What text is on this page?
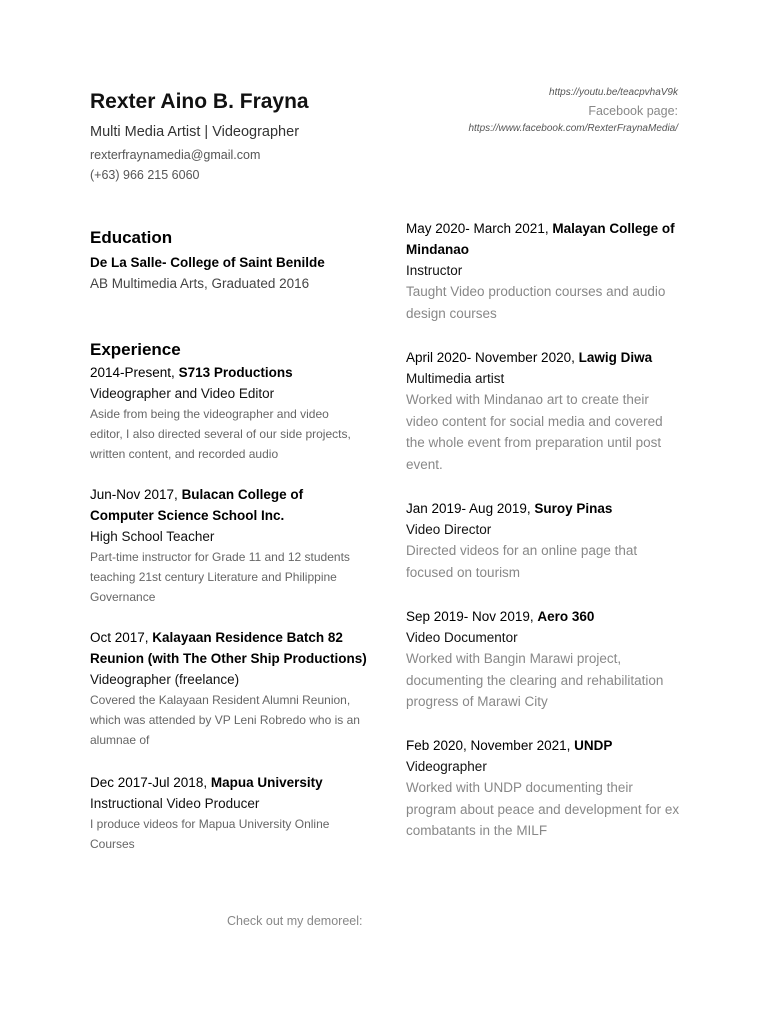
Rexter Aino B. Frayna
Multi Media Artist | Videographer
rexterfraynamedia@gmail.com
(+63) 966 215 6060
https://youtu.be/teacpvhaV9k
Facebook page:
https://www.facebook.com/RexterFraynaMedia/
Education
De La Salle- College of Saint Benilde
AB Multimedia Arts, Graduated 2016
Experience
2014-Present, S713 Productions
Videographer and Video Editor
Aside from being the videographer and video editor, I also directed several of our side projects, written content, and recorded audio
Jun-Nov 2017, Bulacan College of Computer Science School Inc.
High School Teacher
Part-time instructor for Grade 11 and 12 students teaching 21st century Literature and Philippine Governance
Oct 2017, Kalayaan Residence Batch 82 Reunion (with The Other Ship Productions)
Videographer (freelance)
Covered the Kalayaan Resident Alumni Reunion, which was attended by VP Leni Robredo who is an alumnae of
Dec 2017-Jul 2018, Mapua University
Instructional Video Producer
I produce videos for Mapua University Online Courses
May 2020- March 2021, Malayan College of Mindanao
Instructor
Taught Video production courses and audio design courses
April 2020- November 2020, Lawig Diwa
Multimedia artist
Worked with Mindanao art to create their video content for social media and covered the whole event from preparation until post event.
Jan 2019- Aug 2019, Suroy Pinas
Video Director
Directed videos for an online page that focused on tourism
Sep 2019- Nov 2019, Aero 360
Video Documentor
Worked with Bangin Marawi project, documenting the clearing and rehabilitation progress of Marawi City
Feb 2020, November 2021, UNDP
Videographer
Worked with UNDP documenting their program about peace and development for ex combatants in the MILF
Check out my demoreel:
